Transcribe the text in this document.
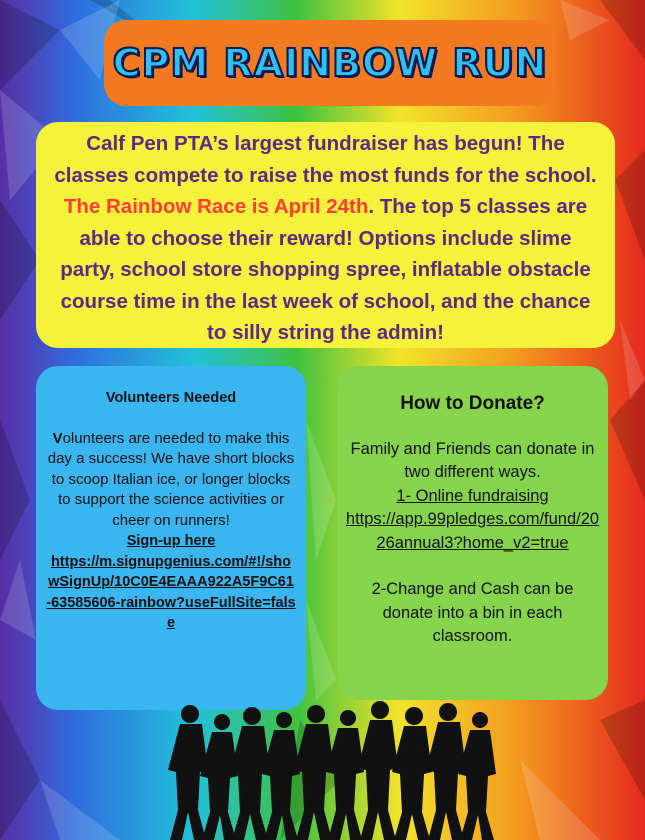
CPM RAINBOW RUN
Calf Pen PTA’s largest fundraiser has begun! The classes compete to raise the most funds for the school. The Rainbow Race is April 24th. The top 5 classes are able to choose their reward! Options include slime party, school store shopping spree, inflatable obstacle course time in the last week of school, and the chance to silly string the admin!
Volunteers Needed
Volunteers are needed to make this day a success! We have short blocks to scoop Italian ice, or longer blocks to support the science activities or cheer on runners!
Sign-up here
https://m.signupgenius.com/#!/showSignUp/10C0E4EAAA922A5F9C61-63585606-rainbow?useFullSite=false
How to Donate?
Family and Friends can donate in two different ways.
1- Online fundraising
https://app.99pledges.com/fund/2026annual3?home_v2=true
2-Change and Cash can be donate into a bin in each classroom.
